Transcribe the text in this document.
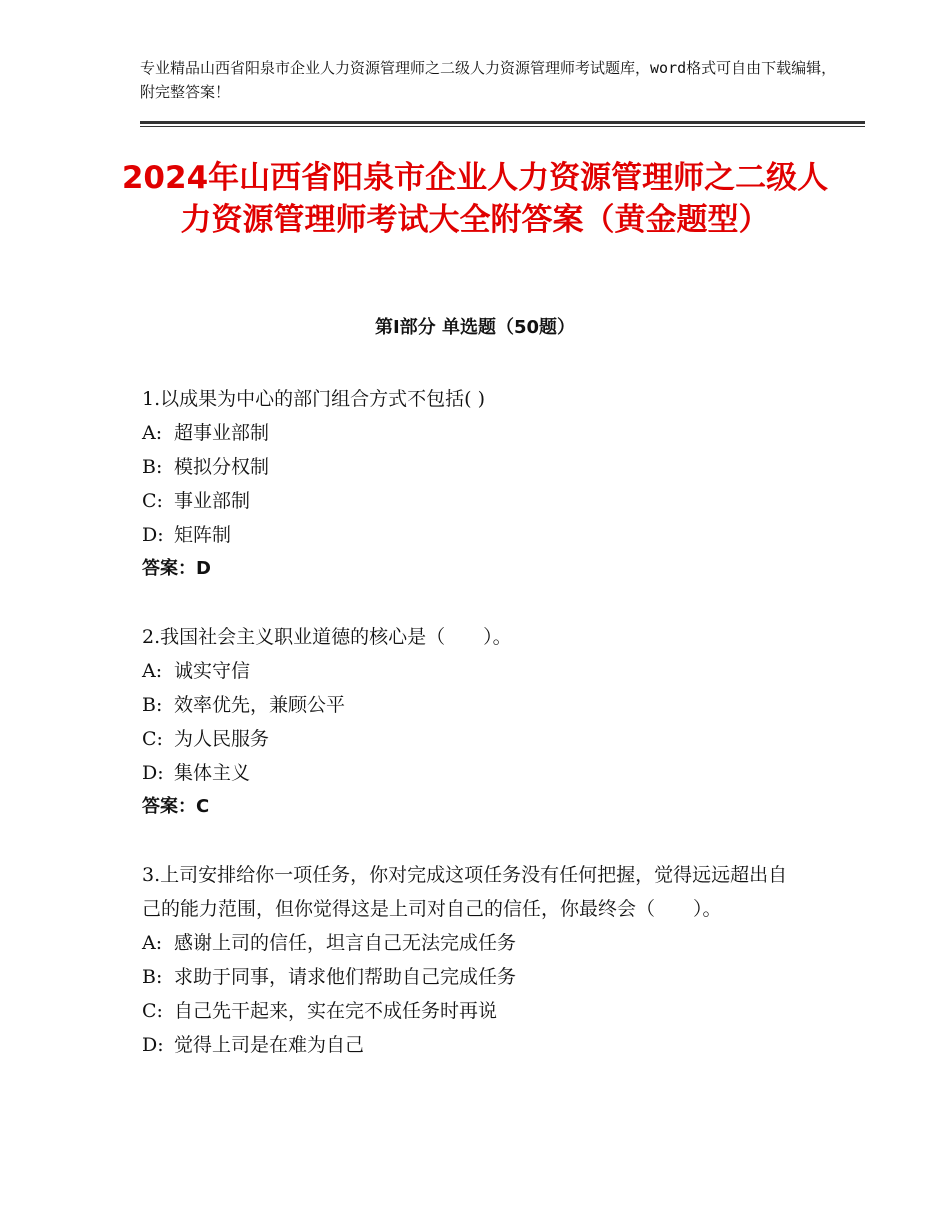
专业精品山西省阳泉市企业人力资源管理师之二级人力资源管理师考试题库，word格式可自由下载编辑，附完整答案！
2024年山西省阳泉市企业人力资源管理师之二级人力资源管理师考试大全附答案（黄金题型）
第Ⅰ部分 单选题（50题）
1.以成果为中心的部门组合方式不包括( )
A: 超事业部制
B: 模拟分权制
C: 事业部制
D: 矩阵制
答案：D
2.我国社会主义职业道德的核心是（　　）。
A: 诚实守信
B: 效率优先，兼顾公平
C: 为人民服务
D: 集体主义
答案：C
3.上司安排给你一项任务，你对完成这项任务没有任何把握，觉得远远超出自己的能力范围，但你觉得这是上司对自己的信任，你最终会（　　）。
A: 感谢上司的信任，坦言自己无法完成任务
B: 求助于同事，请求他们帮助自己完成任务
C: 自己先干起来，实在完不成任务时再说
D: 觉得上司是在难为自己
